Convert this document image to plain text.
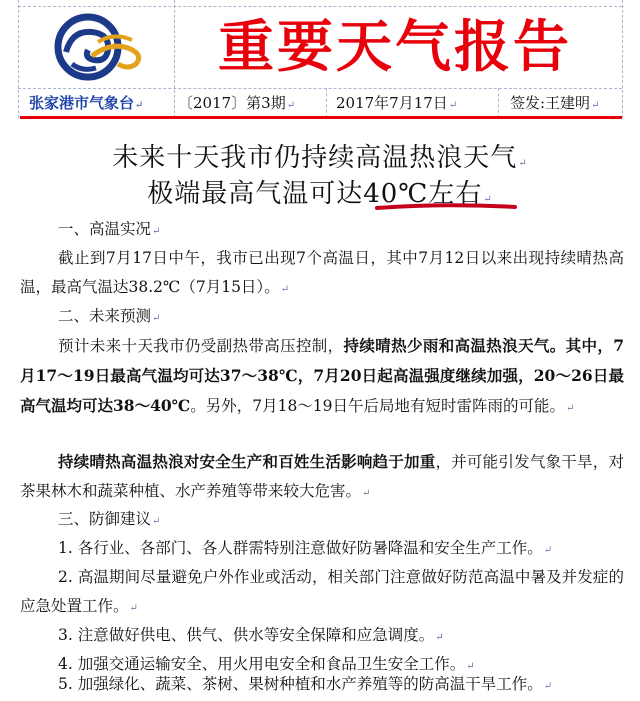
重要天气报告
张家港市气象台↵ 〔2017〕第3期↵	2017年7月17日↵	签发:王建明↵
未来十天我市仍持续高温热浪天气↵
极端最高气温可达40℃左右↵
一、高温实况↵
截止到7月17日中午，我市已出现7个高温日，其中7月12日以来出现持续晴热高温，最高气温达38.2℃（7月15日）。↵
二、未来预测↵
预计未来十天我市仍受副热带高压控制，持续晴热少雨和高温热浪天气。其中，7月17～19日最高气温均可达37～38℃，7月20日起高温强度继续加强，20～26日最高气温均可达38～40℃。另外，7月18～19日午后局地有短时雷阵雨的可能。↵
持续晴热高温热浪对安全生产和百姓生活影响趋于加重，并可能引发气象干旱，对茶果林木和蔬菜种植、水产养殖等带来较大危害。↵
三、防御建议↵
1. 各行业、各部门、各人群需特别注意做好防暑降温和安全生产工作。↵
2. 高温期间尽量避免户外作业或活动，相关部门注意做好防范高温中暑及并发症的应急处置工作。↵
3. 注意做好供电、供气、供水等安全保障和应急调度。↵
4. 加强交通运输安全、用火用电安全和食品卫生安全工作。↵
5. 加强绿化、蔬菜、茶树、果树种植和水产养殖等的防高温干旱工作。↵
